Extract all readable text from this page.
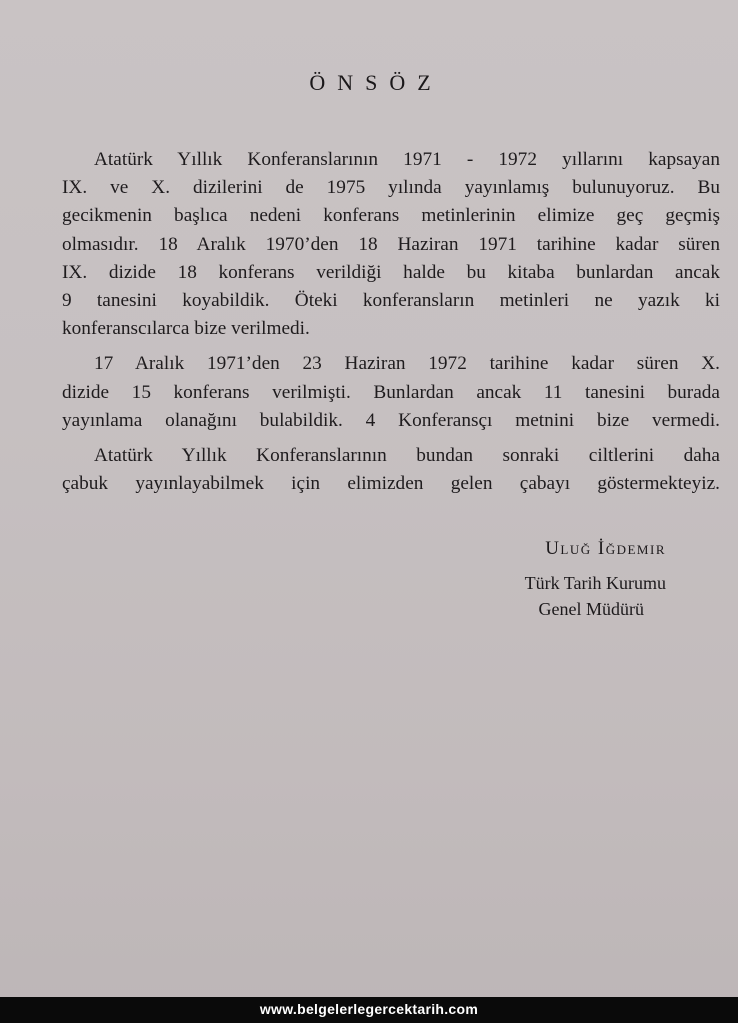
ÖNSÖZ

Atatürk Yıllık Konferanslarının 1971 - 1972 yıllarını kapsayan
IX. ve X. dizilerini de 1975 yılında yayınlamış bulunuyoruz. Bu
gecikmenin başlıca nedeni konferans metinlerinin elimize geç geçmiş
olmasıdır. 18 Aralık 1970’den 18 Haziran 1971 tarihine kadar süren
IX. dizide 18 konferans verildiği halde bu kitaba bunlardan ancak
9 tanesini koyabildik. Öteki konferansların metinleri ne yazık ki
konferanscılarca bize verilmedi.

17 Aralık 1971’den 23 Haziran 1972 tarihine kadar süren X.
dizide 15 konferans verilmişti. Bunlardan ancak 11 tanesini burada
yayınlama olanağını bulabildik. 4 Konferansçı metnini bize vermedi.

Atatürk Yıllık Konferanslarının bundan sonraki ciltlerini daha
çabuk yayınlayabilmek için elimizden gelen çabayı göstermekteyiz.

Uluğ İğdemir
Türk Tarih Kurumu
Genel Müdürü
www.belgelerlegercektarih.com
